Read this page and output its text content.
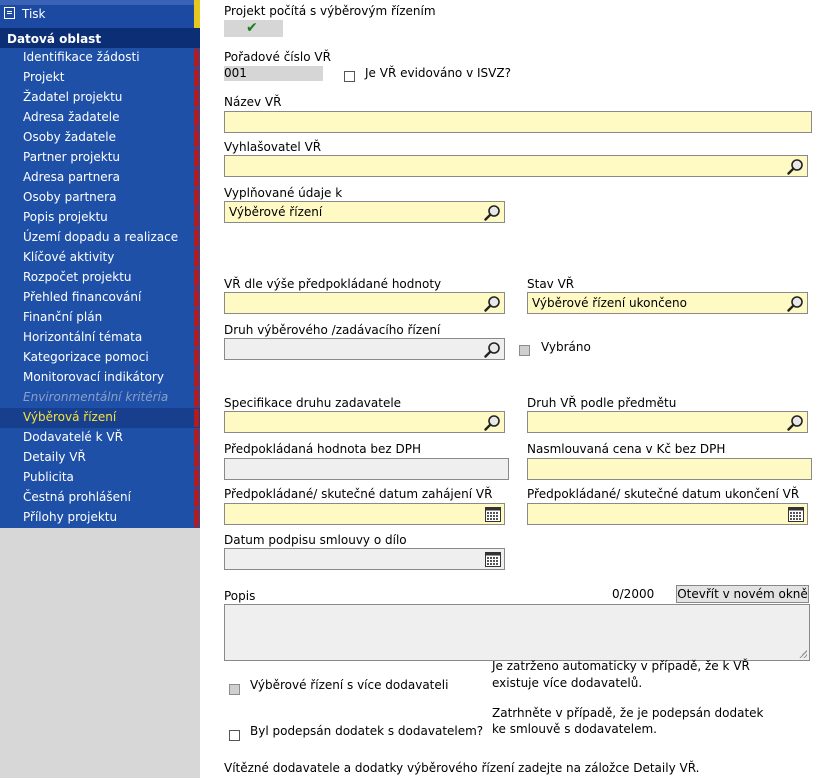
Tisk
Datová oblast
Identifikace žádosti
Projekt
Žadatel projektu
Adresa žadatele
Osoby žadatele
Partner projektu
Adresa partnera
Osoby partnera
Popis projektu
Území dopadu a realizace
Klíčové aktivity
Rozpočet projektu
Přehled financování
Finanční plán
Horizontální témata
Kategorizace pomoci
Monitorovací indikátory
Environmentální kritéria
Výběrová řízení
Dodavatelé k VŘ
Detaily VŘ
Publicita
Čestná prohlášení
Přílohy projektu
Projekt počítá s výběrovým řízením
✔
Pořadové číslo VŘ
001	Je VŘ evidováno v ISVZ?
Název VŘ
Vyhlašovatel VŘ
Vyplňované údaje k
Výběrové řízení
VŘ dle výše předpokládané hodnoty	Stav VŘ
Výběrové řízení ukončeno
Druh výběrového /zadávacího řízení
Vybráno
Specifikace druhu zadavatele	Druh VŘ podle předmětu
Předpokládaná hodnota bez DPH	Nasmlouvaná cena v Kč bez DPH
Předpokládané/ skutečné datum zahájení VŘ	Předpokládané/ skutečné datum ukončení VŘ
Datum podpisu smlouvy o dílo
Popis	0/2000 Otevřít v novém okně
Výběrové řízení s více dodavateli
Je zatrženo automaticky v případě, že k VŘ
existuje více dodavatelů.
Byl podepsán dodatek s dodavatelem?
Zatrhněte v případě, že je podepsán dodatek
ke smlouvě s dodavatelem.
Vítězné dodavatele a dodatky výběrového řízení zadejte na záložce Detaily VŘ.
